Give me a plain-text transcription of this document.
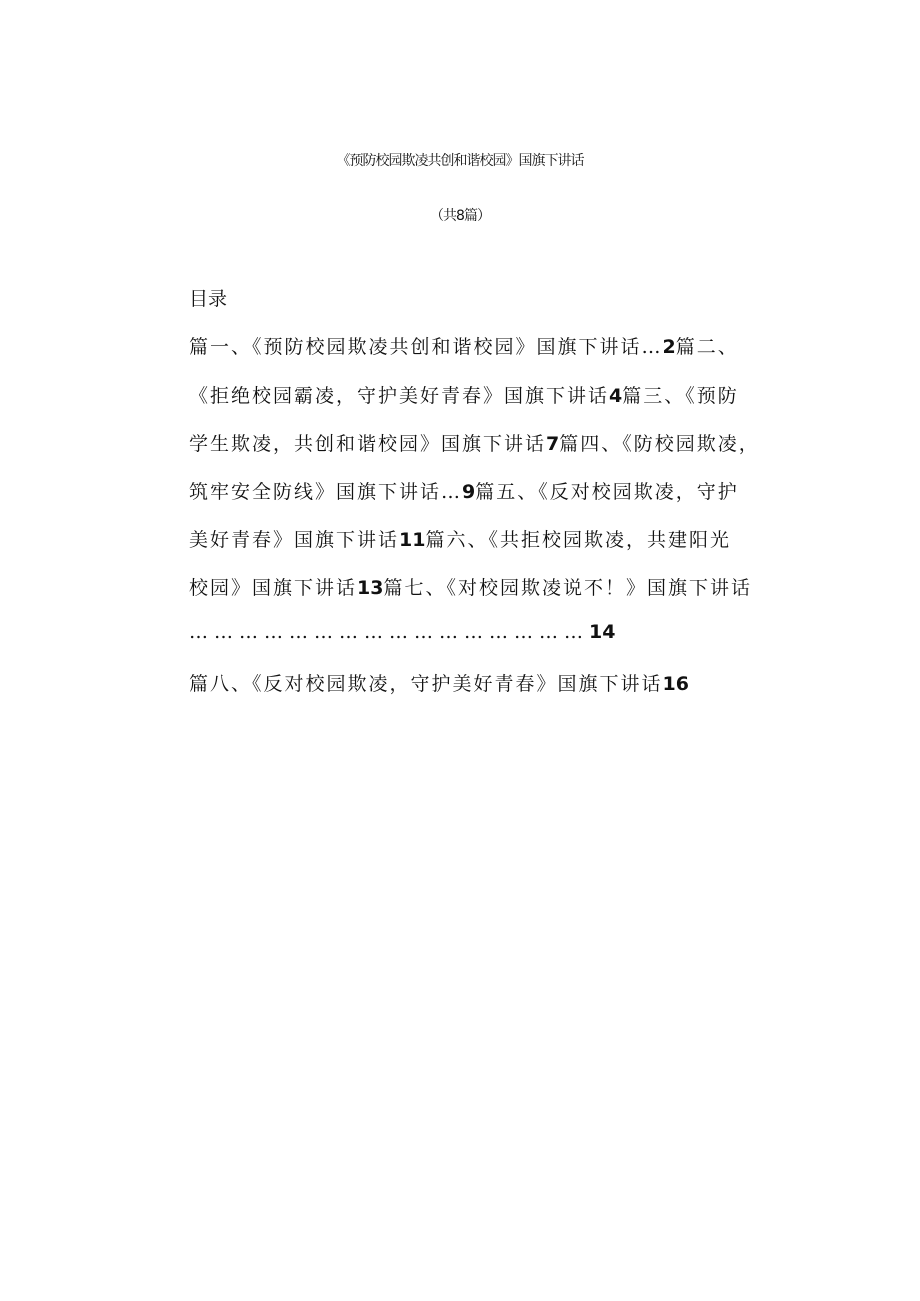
《预防校园欺凌共创和谐校园》国旗下讲话
（共8篇）
目录
篇一、《预防校园欺凌共创和谐校园》国旗下讲话…2篇二、
《拒绝校园霸凌，守护美好青春》国旗下讲话4篇三、《预防
学生欺凌，共创和谐校园》国旗下讲话7篇四、《防校园欺凌，
筑牢安全防线》国旗下讲话…9篇五、《反对校园欺凌，守护
美好青春》国旗下讲话11篇六、《共拒校园欺凌，共建阳光
校园》国旗下讲话13篇七、《对校园欺凌说不！》国旗下讲话
…………………………………………14
篇八、《反对校园欺凌，守护美好青春》国旗下讲话16
